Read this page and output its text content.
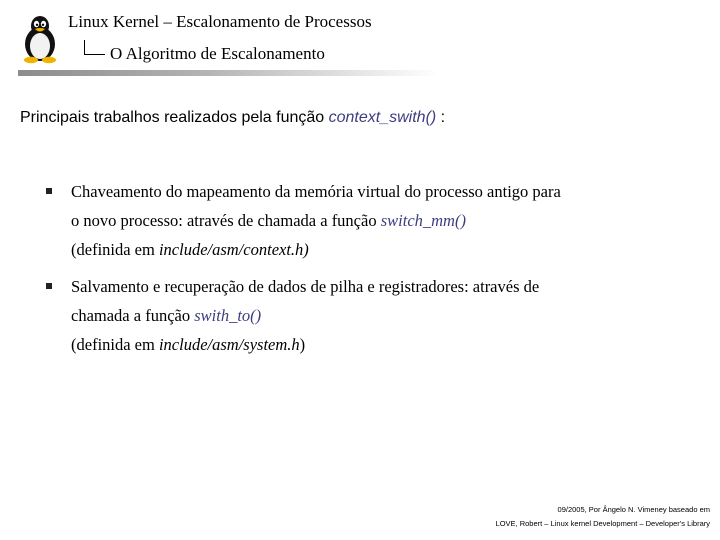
Linux Kernel – Escalonamento de Processos
O Algoritmo de Escalonamento
Principais trabalhos realizados pela função context_swith() :
Chaveamento do mapeamento da memória virtual do processo antigo para
o novo processo: através de chamada a função switch_mm()
(definida em include/asm/context.h)
Salvamento e recuperação de dados de pilha e registradores: através de
chamada a função swith_to()
(definida em include/asm/system.h)
09/2005, Por Ângelo N. Vimeney baseado em
LOVE, Robert – Linux kernel Development – Developer's Library
